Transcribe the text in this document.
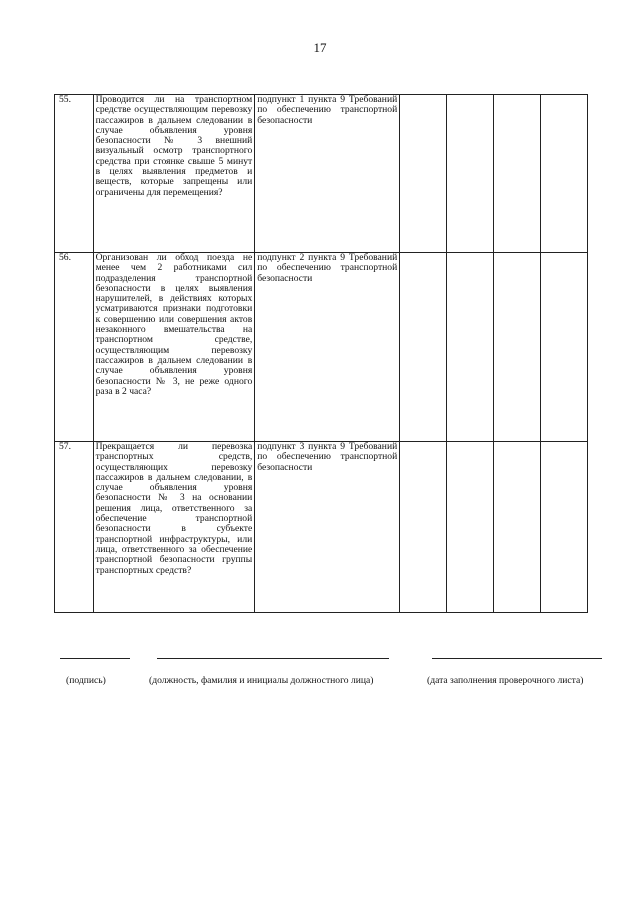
17
55.	Проводится ли на транспортном средстве осуществляющим перевозку пассажиров в дальнем следовании в случае объявления уровня безопасности № 3 внешний визуальный осмотр транспортного средства при стоянке свыше 5 минут в целях выявления предметов и веществ, которые запрещены или ограничены для перемещения?	подпункт 1 пункта 9 Требований по обеспечению транспортной безопасности				
56.	Организован ли обход поезда не менее чем 2 работниками сил подразделения транспортной безопасности в целях выявления нарушителей, в действиях которых усматриваются признаки подготовки к совершению или совершения актов незаконного вмешательства на транспортном средстве, осуществляющим перевозку пассажиров в дальнем следовании в случае объявления уровня безопасности № 3, не реже одного раза в 2 часа?	подпункт 2 пункта 9 Требований по обеспечению транспортной безопасности				
57.	Прекращается ли перевозка транспортных средств, осуществляющих перевозку пассажиров в дальнем следовании, в случае объявления уровня безопасности № 3 на основании решения лица, ответственного за обеспечение транспортной безопасности в субъекте транспортной инфраструктуры, или лица, ответственного за обеспечение транспортной безопасности группы транспортных средств?	подпункт 3 пункта 9 Требований по обеспечению транспортной безопасности				
(подпись)	(должность, фамилия и инициалы должностного лица)	(дата заполнения проверочного листа)
